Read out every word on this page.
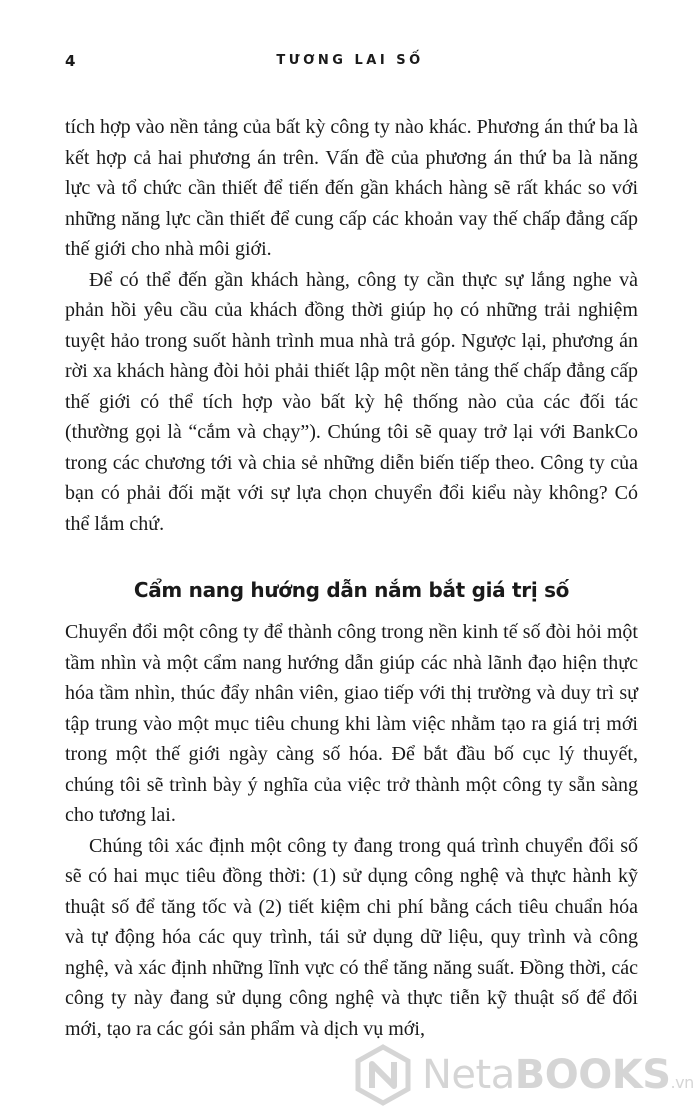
4	TƯƠNG LAI SỐ

tích hợp vào nền tảng của bất kỳ công ty nào khác. Phương án thứ ba là kết hợp cả hai phương án trên. Vấn đề của phương án thứ ba là năng lực và tổ chức cần thiết để tiến đến gần khách hàng sẽ rất khác so với những năng lực cần thiết để cung cấp các khoản vay thế chấp đẳng cấp thế giới cho nhà môi giới.

Để có thể đến gần khách hàng, công ty cần thực sự lắng nghe và phản hồi yêu cầu của khách đồng thời giúp họ có những trải nghiệm tuyệt hảo trong suốt hành trình mua nhà trả góp. Ngược lại, phương án rời xa khách hàng đòi hỏi phải thiết lập một nền tảng thế chấp đẳng cấp thế giới có thể tích hợp vào bất kỳ hệ thống nào của các đối tác (thường gọi là “cắm và chạy”). Chúng tôi sẽ quay trở lại với BankCo trong các chương tới và chia sẻ những diễn biến tiếp theo. Công ty của bạn có phải đối mặt với sự lựa chọn chuyển đổi kiểu này không? Có thể lắm chứ.

Cẩm nang hướng dẫn nắm bắt giá trị số

Chuyển đổi một công ty để thành công trong nền kinh tế số đòi hỏi một tầm nhìn và một cẩm nang hướng dẫn giúp các nhà lãnh đạo hiện thực hóa tầm nhìn, thúc đẩy nhân viên, giao tiếp với thị trường và duy trì sự tập trung vào một mục tiêu chung khi làm việc nhằm tạo ra giá trị mới trong một thế giới ngày càng số hóa. Để bắt đầu bố cục lý thuyết, chúng tôi sẽ trình bày ý nghĩa của việc trở thành một công ty sẵn sàng cho tương lai.

Chúng tôi xác định một công ty đang trong quá trình chuyển đổi số sẽ có hai mục tiêu đồng thời: (1) sử dụng công nghệ và thực hành kỹ thuật số để tăng tốc và (2) tiết kiệm chi phí bằng cách tiêu chuẩn hóa và tự động hóa các quy trình, tái sử dụng dữ liệu, quy trình và công nghệ, và xác định những lĩnh vực có thể tăng năng suất. Đồng thời, các công ty này đang sử dụng công nghệ và thực tiễn kỹ thuật số để đổi mới, tạo ra các gói sản phẩm và dịch vụ mới,

NetaBOOKS.vn
